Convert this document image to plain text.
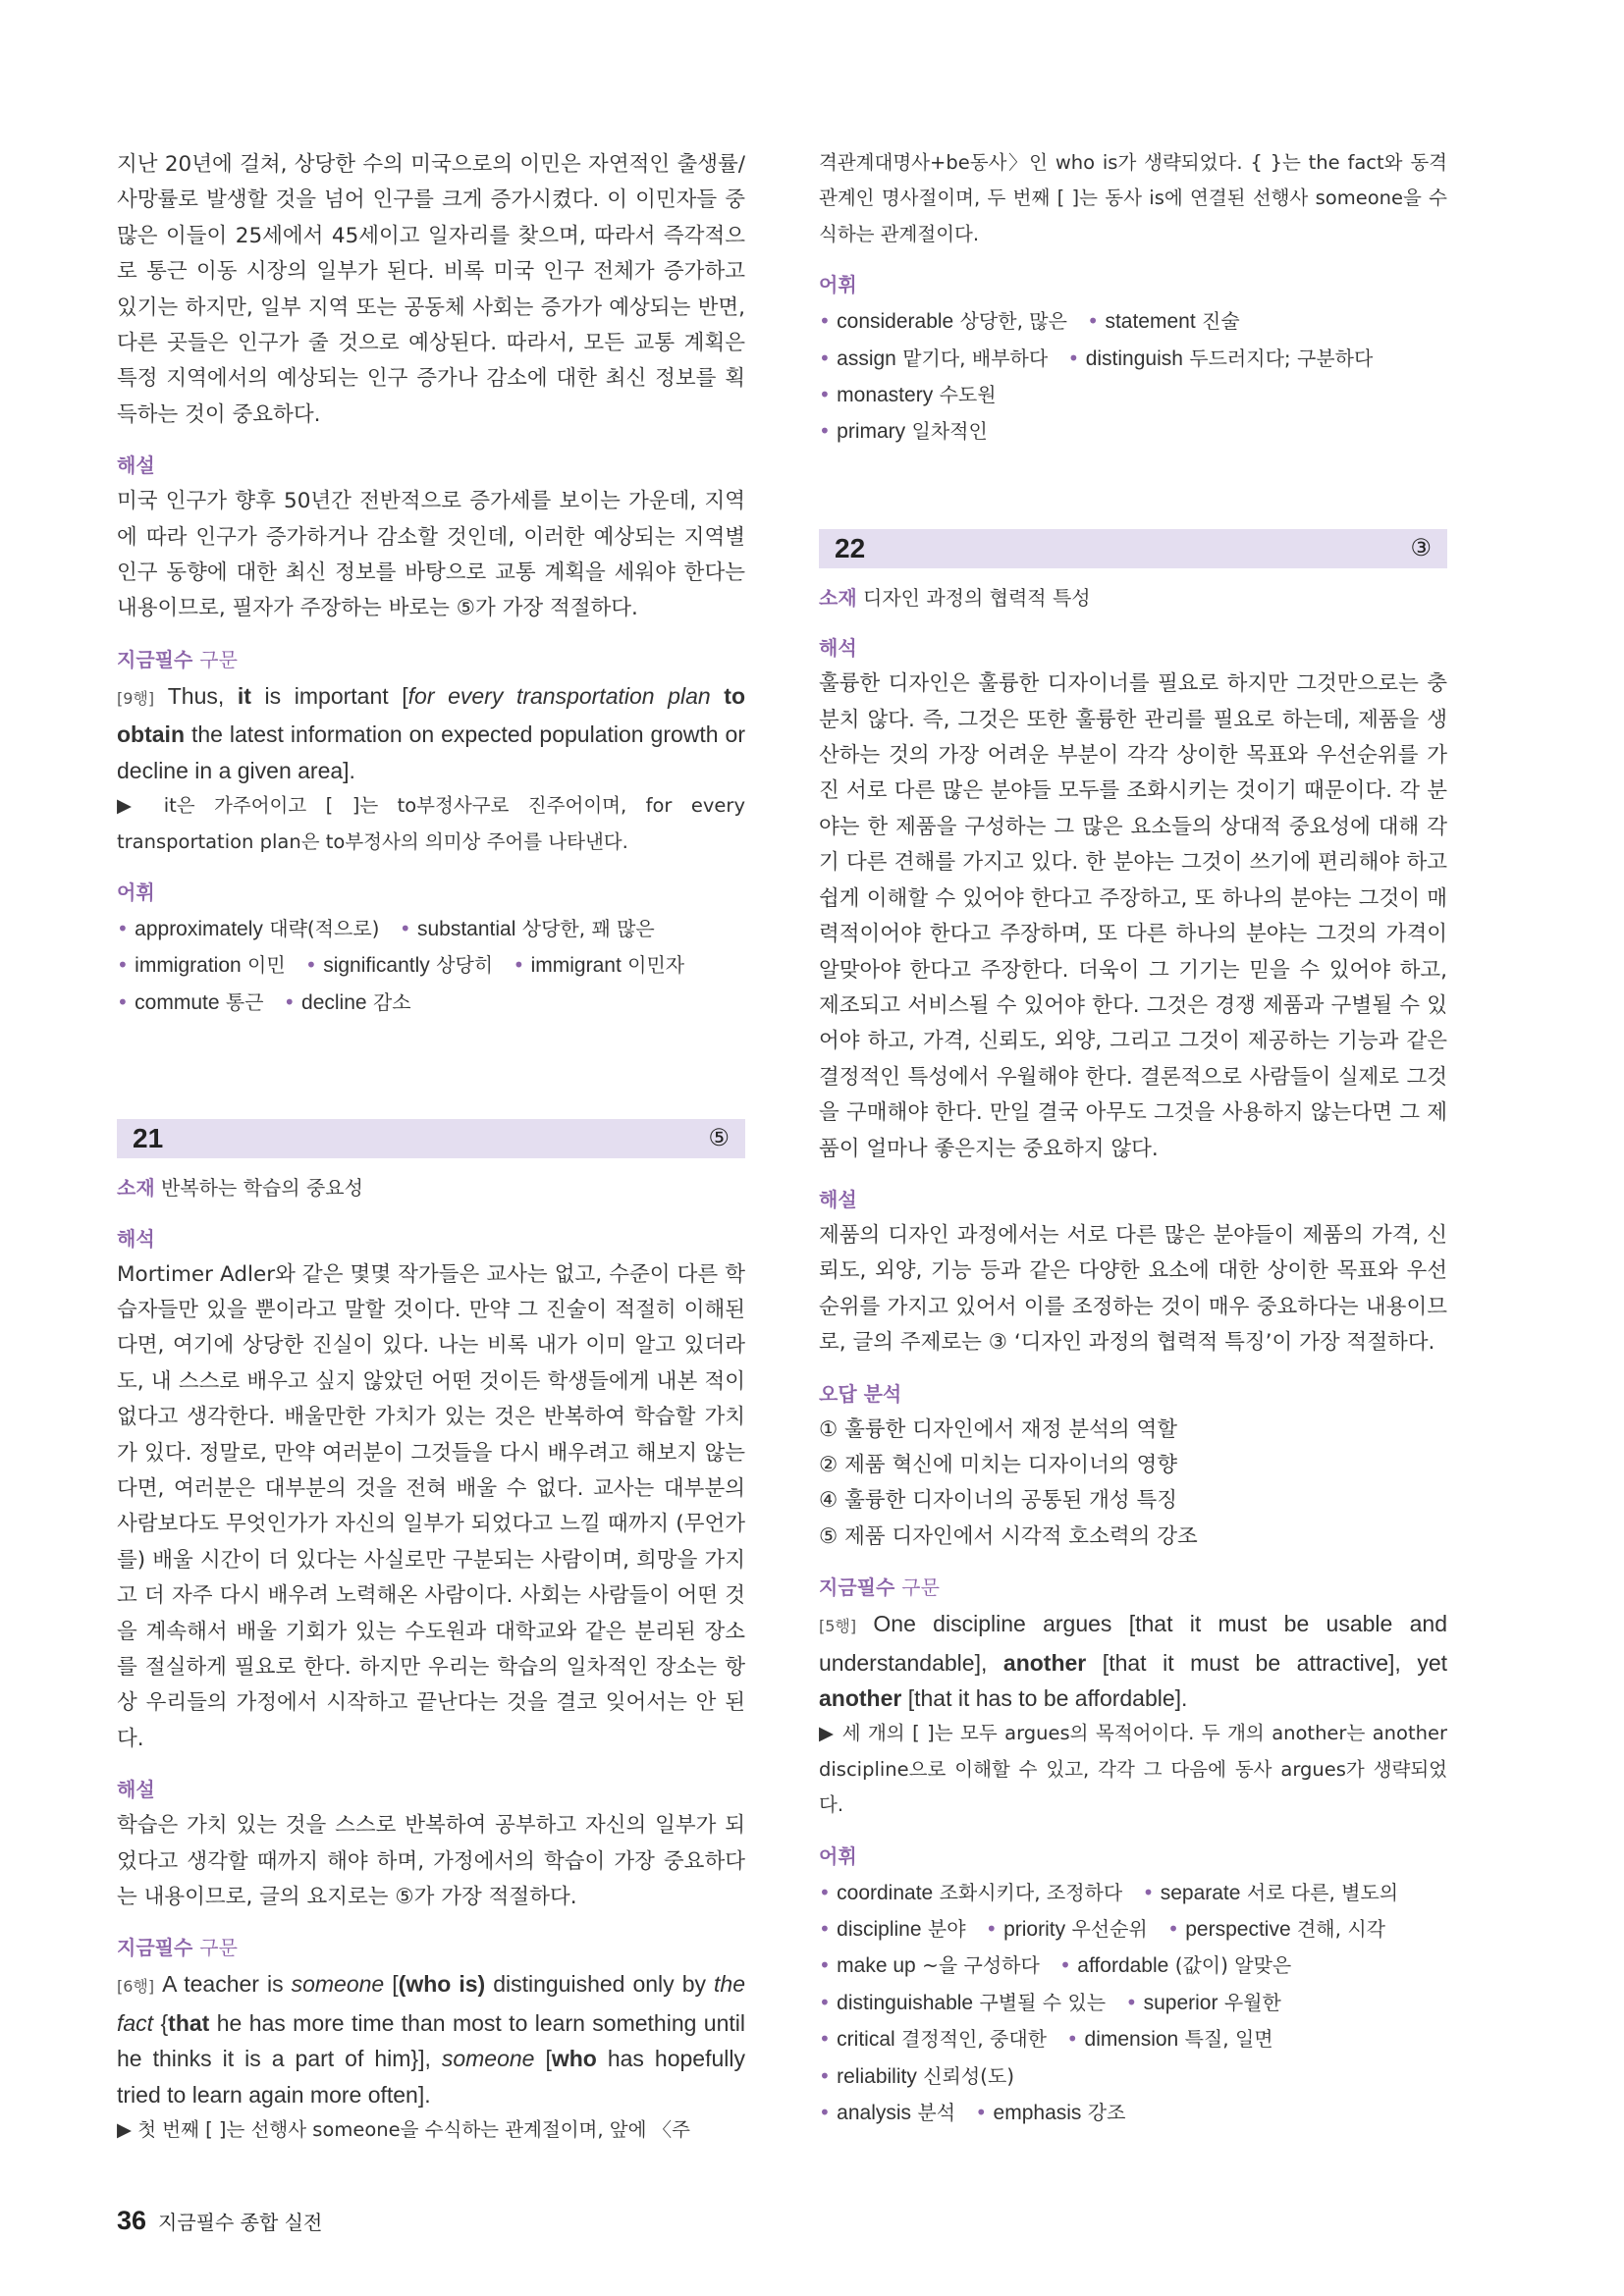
지난 20년에 걸쳐, 상당한 수의 미국으로의 이민은 자연적인 출생률/사망률로 발생할 것을 넘어 인구를 크게 증가시켰다. 이 이민자들 중 많은 이들이 25세에서 45세이고 일자리를 찾으며, 따라서 즉각적으로 통근 이동 시장의 일부가 된다. 비록 미국 인구 전체가 증가하고 있기는 하지만, 일부 지역 또는 공동체 사회는 증가가 예상되는 반면, 다른 곳들은 인구가 줄 것으로 예상된다. 따라서, 모든 교통 계획은 특정 지역에서의 예상되는 인구 증가나 감소에 대한 최신 정보를 획득하는 것이 중요하다.

해설

미국 인구가 향후 50년간 전반적으로 증가세를 보이는 가운데, 지역에 따라 인구가 증가하거나 감소할 것인데, 이러한 예상되는 지역별 인구 동향에 대한 최신 정보를 바탕으로 교통 계획을 세워야 한다는 내용이므로, 필자가 주장하는 바로는 ⑤가 가장 적절하다.

지금필수 구문

[9행] Thus, it is important [for every transportation plan to obtain the latest information on expected population growth or decline in a given area].

▶ it은 가주어이고 [ ]는 to부정사구로 진주어이며, for every transportation plan은 to부정사의 의미상 주어를 나타낸다.

어휘
• approximately 대략(적으로) • substantial 상당한, 꽤 많은
• immigration 이민 • significantly 상당히 • immigrant 이민자
• commute 통근 • decline 감소
21	⑤
소재 반복하는 학습의 중요성
해석

Mortimer Adler와 같은 몇몇 작가들은 교사는 없고, 수준이 다른 학습자들만 있을 뿐이라고 말할 것이다. 만약 그 진술이 적절히 이해된다면, 여기에 상당한 진실이 있다. 나는 비록 내가 이미 알고 있더라도, 내 스스로 배우고 싶지 않았던 어떤 것이든 학생들에게 내본 적이 없다고 생각한다. 배울만한 가치가 있는 것은 반복하여 학습할 가치가 있다. 정말로, 만약 여러분이 그것들을 다시 배우려고 해보지 않는다면, 여러분은 대부분의 것을 전혀 배울 수 없다. 교사는 대부분의 사람보다도 무엇인가가 자신의 일부가 되었다고 느낄 때까지 (무언가를) 배울 시간이 더 있다는 사실로만 구분되는 사람이며, 희망을 가지고 더 자주 다시 배우려 노력해온 사람이다. 사회는 사람들이 어떤 것을 계속해서 배울 기회가 있는 수도원과 대학교와 같은 분리된 장소를 절실하게 필요로 한다. 하지만 우리는 학습의 일차적인 장소는 항상 우리들의 가정에서 시작하고 끝난다는 것을 결코 잊어서는 안 된다.

해설

학습은 가치 있는 것을 스스로 반복하여 공부하고 자신의 일부가 되었다고 생각할 때까지 해야 하며, 가정에서의 학습이 가장 중요하다는 내용이므로, 글의 요지로는 ⑤가 가장 적절하다.

지금필수 구문

[6행] A teacher is someone [(who is) distinguished only by the fact {that he has more time than most to learn something until he thinks it is a part of him}], someone [who has hopefully tried to learn again more often].

▶ 첫 번째 [ ]는 선행사 someone을 수식하는 관계절이며, 앞에 〈주

격관계대명사+be동사〉인 who is가 생략되었다. { }는 the fact와 동격 관계인 명사절이며, 두 번째 [ ]는 동사 is에 연결된 선행사 someone을 수식하는 관계절이다.

어휘
• considerable 상당한, 많은 • statement 진술 • assign 맡기다, 배부하다 • distinguish 두드러지다; 구분하다 • monastery 수도원
• primary 일차적인
22	③
소재 디자인 과정의 협력적 특성
해석

훌륭한 디자인은 훌륭한 디자이너를 필요로 하지만 그것만으로는 충분치 않다. 즉, 그것은 또한 훌륭한 관리를 필요로 하는데, 제품을 생산하는 것의 가장 어려운 부분이 각각 상이한 목표와 우선순위를 가진 서로 다른 많은 분야들 모두를 조화시키는 것이기 때문이다. 각 분야는 한 제품을 구성하는 그 많은 요소들의 상대적 중요성에 대해 각기 다른 견해를 가지고 있다. 한 분야는 그것이 쓰기에 편리해야 하고 쉽게 이해할 수 있어야 한다고 주장하고, 또 하나의 분야는 그것이 매력적이어야 한다고 주장하며, 또 다른 하나의 분야는 그것의 가격이 알맞아야 한다고 주장한다. 더욱이 그 기기는 믿을 수 있어야 하고, 제조되고 서비스될 수 있어야 한다. 그것은 경쟁 제품과 구별될 수 있어야 하고, 가격, 신뢰도, 외양, 그리고 그것이 제공하는 기능과 같은 결정적인 특성에서 우월해야 한다. 결론적으로 사람들이 실제로 그것을 구매해야 한다. 만일 결국 아무도 그것을 사용하지 않는다면 그 제품이 얼마나 좋은지는 중요하지 않다.

해설

제품의 디자인 과정에서는 서로 다른 많은 분야들이 제품의 가격, 신뢰도, 외양, 기능 등과 같은 다양한 요소에 대한 상이한 목표와 우선순위를 가지고 있어서 이를 조정하는 것이 매우 중요하다는 내용이므로, 글의 주제로는 ③ ‘디자인 과정의 협력적 특징’이 가장 적절하다.

오답 분석
① 훌륭한 디자인에서 재정 분석의 역할
② 제품 혁신에 미치는 디자이너의 영향
④ 훌륭한 디자이너의 공통된 개성 특징
⑤ 제품 디자인에서 시각적 호소력의 강조
지금필수 구문

[5행] One discipline argues [that it must be usable and understandable], another [that it must be attractive], yet another [that it has to be affordable].

▶ 세 개의 [ ]는 모두 argues의 목적어이다. 두 개의 another는 another discipline으로 이해할 수 있고, 각각 그 다음에 동사 argues가 생략되었다.

어휘
• coordinate 조화시키다, 조정하다 • separate 서로 다른, 별도의
• discipline 분야 • priority 우선순위 • perspective 견해, 시각
• make up ~을 구성하다 • affordable (값이) 알맞은
• distinguishable 구별될 수 있는 • superior 우월한 • critical 결정적인, 중대한 • dimension 특질, 일면 • reliability 신뢰성(도)
• analysis 분석 • emphasis 강조
36 지금필수 종합 실전
